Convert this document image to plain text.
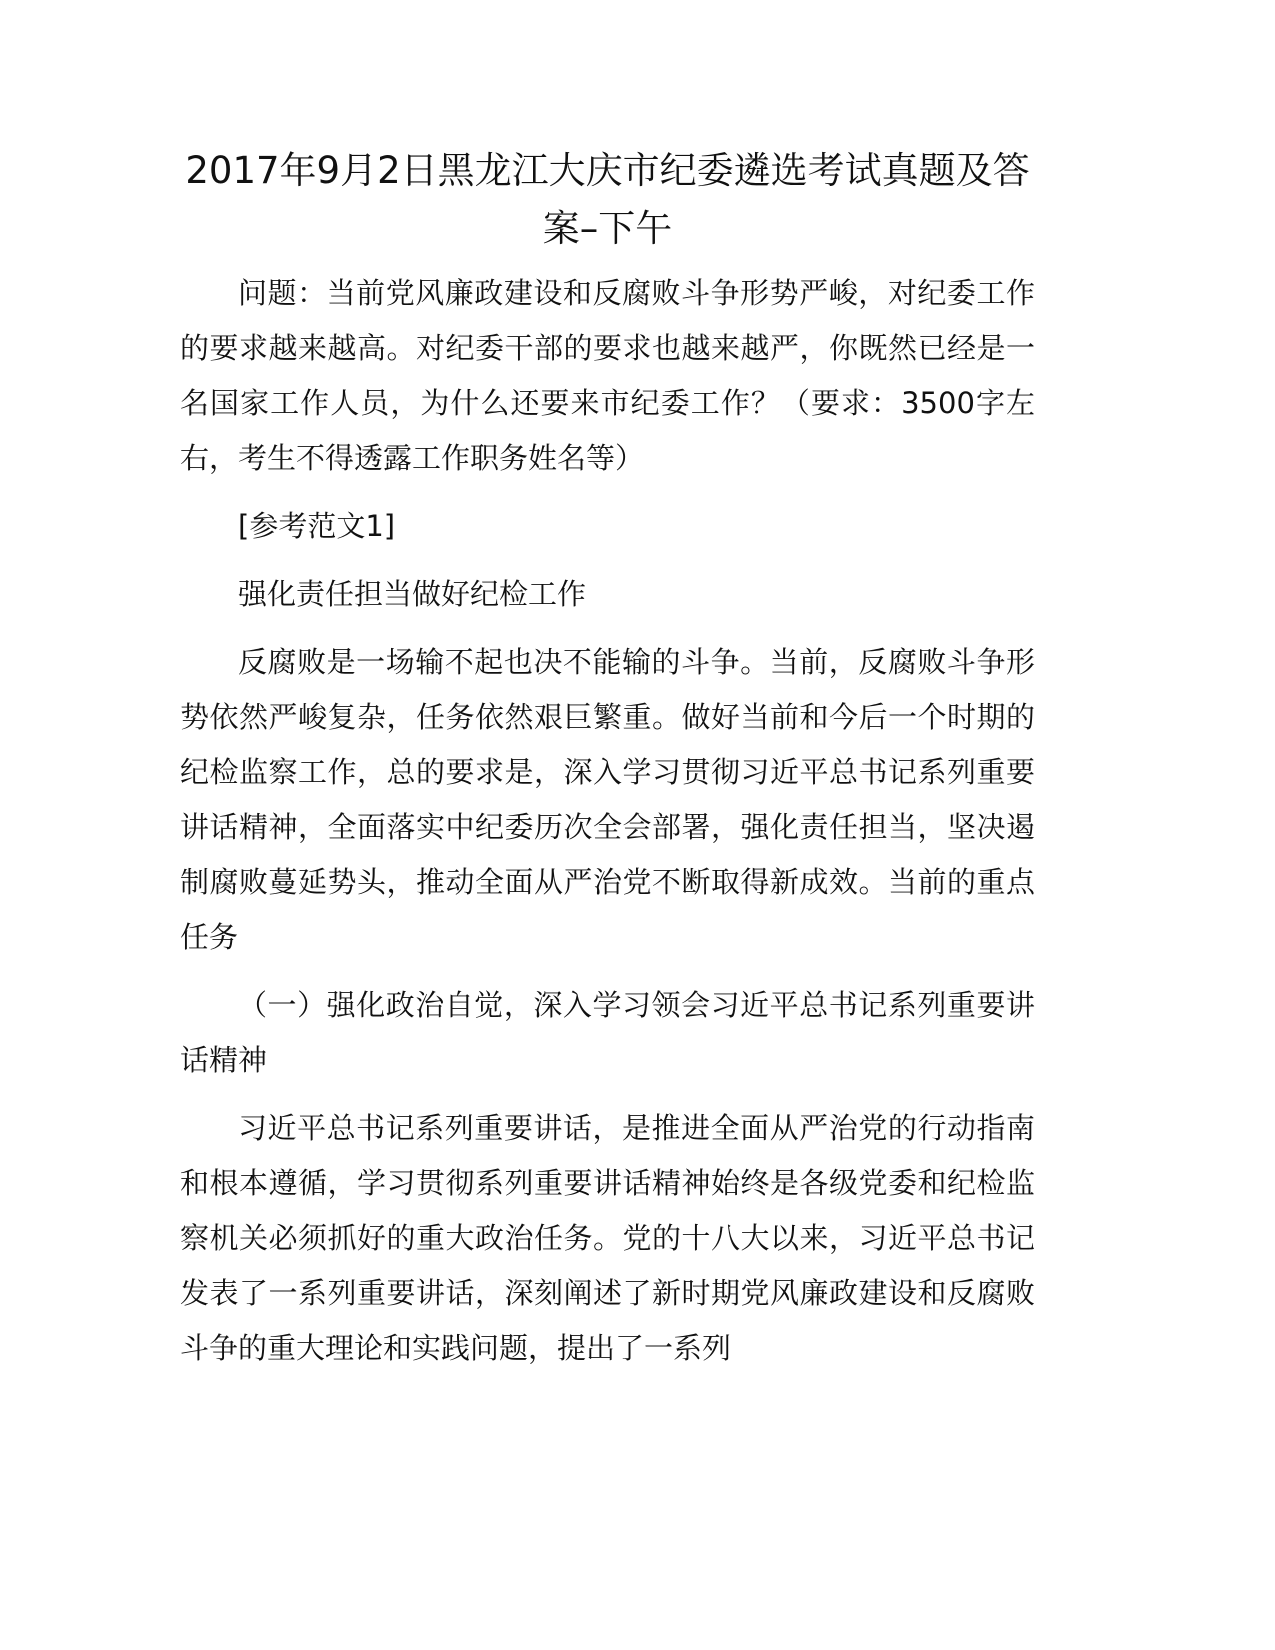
2017年9月2日黑龙江大庆市纪委遴选考试真题及答案–下午

问题：当前党风廉政建设和反腐败斗争形势严峻，对纪委工作的要求越来越高。对纪委干部的要求也越来越严，你既然已经是一名国家工作人员，为什么还要来市纪委工作？（要求：3500字左右，考生不得透露工作职务姓名等）

[参考范文1]

强化责任担当做好纪检工作

反腐败是一场输不起也决不能输的斗争。当前，反腐败斗争形势依然严峻复杂，任务依然艰巨繁重。做好当前和今后一个时期的纪检监察工作，总的要求是，深入学习贯彻习近平总书记系列重要讲话精神，全面落实中纪委历次全会部署，强化责任担当，坚决遏制腐败蔓延势头，推动全面从严治党不断取得新成效。当前的重点任务

（一）强化政治自觉，深入学习领会习近平总书记系列重要讲话精神

习近平总书记系列重要讲话，是推进全面从严治党的行动指南和根本遵循，学习贯彻系列重要讲话精神始终是各级党委和纪检监察机关必须抓好的重大政治任务。党的十八大以来，习近平总书记发表了一系列重要讲话，深刻阐述了新时期党风廉政建设和反腐败斗争的重大理论和实践问题，提出了一系列
